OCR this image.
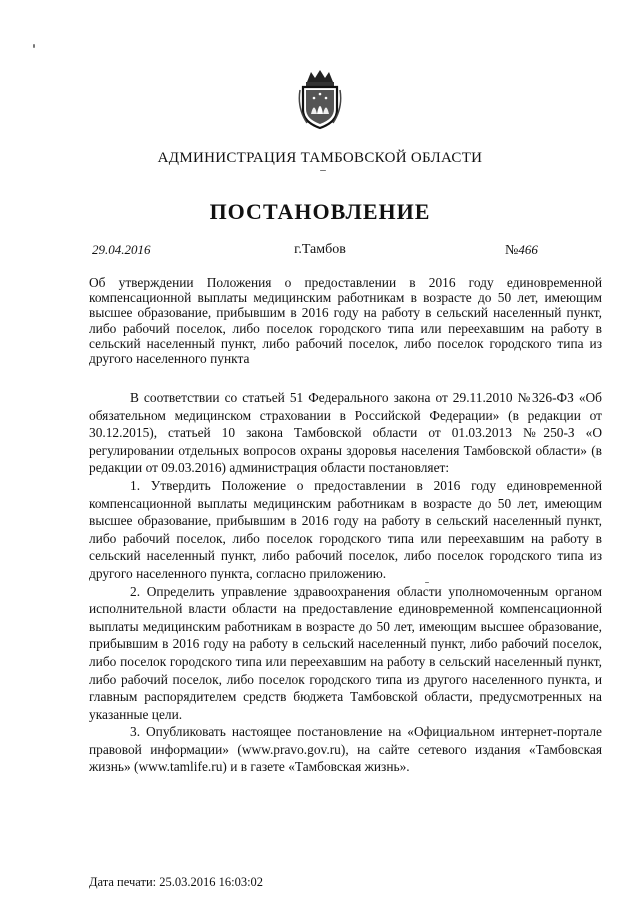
АДМИНИСТРАЦИЯ ТАМБОВСКОЙ ОБЛАСТИ
ПОСТАНОВЛЕНИЕ
29.04.2016	г.Тамбов	№466
Об утверждении Положения о предоставлении в 2016 году единовременной компенсационной выплаты медицинским работникам в возрасте до 50 лет, имеющим высшее образование, прибывшим в 2016 году на работу в сельский населенный пункт, либо рабочий поселок, либо поселок городского типа или переехавшим на работу в сельский населенный пункт, либо рабочий поселок, либо поселок городского типа из другого населенного пункта

В соответствии со статьей 51 Федерального закона от 29.11.2010 №326-ФЗ «Об обязательном медицинском страховании в Российской Федерации» (в редакции от 30.12.2015), статьей 10 закона Тамбовской области от 01.03.2013 №250-З «О регулировании отдельных вопросов охраны здоровья населения Тамбовской области» (в редакции от 09.03.2016) администрация области постановляет:

1. Утвердить Положение о предоставлении в 2016 году единовременной компенсационной выплаты медицинским работникам в возрасте до 50 лет, имеющим высшее образование, прибывшим в 2016 году на работу в сельский населенный пункт, либо рабочий поселок, либо поселок городского типа или переехавшим на работу в сельский населенный пункт, либо рабочий поселок, либо поселок городского типа из другого населенного пункта, согласно приложению.

2. Определить управление здравоохранения области уполномоченным органом исполнительной власти области на предоставление единовременной компенсационной выплаты медицинским работникам в возрасте до 50 лет, имеющим высшее образование, прибывшим в 2016 году на работу в сельский населенный пункт, либо рабочий поселок, либо поселок городского типа или переехавшим на работу в сельский населенный пункт, либо рабочий поселок, либо поселок городского типа из другого населенного пункта, и главным распорядителем средств бюджета Тамбовской области, предусмотренных на указанные цели.

3. Опубликовать настоящее постановление на «Официальном интернет-портале правовой информации» (www.pravo.gov.ru), на сайте сетевого издания «Тамбовская жизнь» (www.tamlife.ru) и в газете «Тамбовская жизнь».

Дата печати: 25.03.2016 16:03:02
